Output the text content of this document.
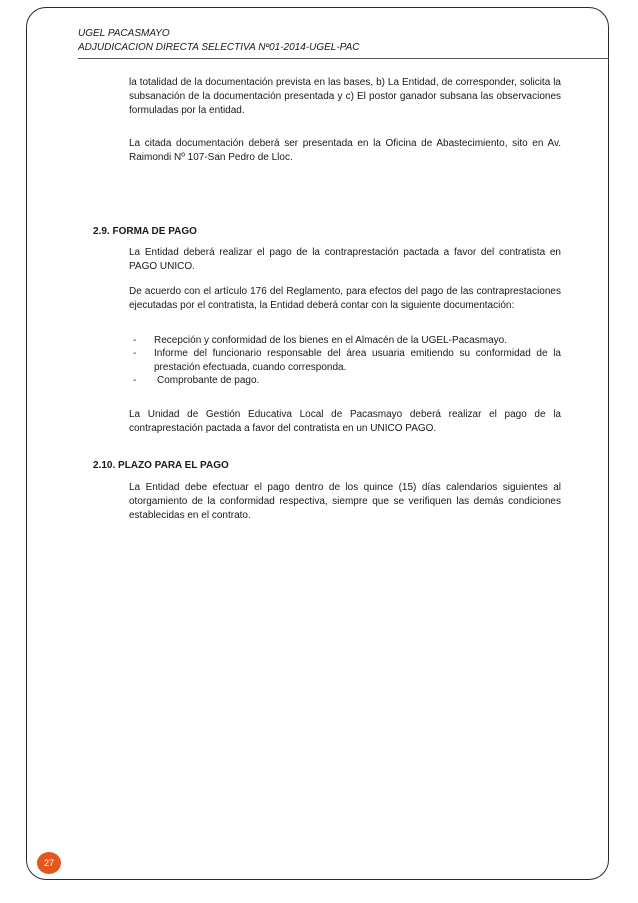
UGEL PACASMAYO
ADJUDICACION DIRECTA SELECTIVA Nº01-2014-UGEL-PAC
la totalidad de la documentación prevista en las bases, b) La Entidad, de corresponder, solicita la subsanación de la documentación presentada y c) El postor ganador subsana las observaciones formuladas por la entidad.
La citada documentación deberá ser presentada en la Oficina de Abastecimiento, sito en Av. Raimondi Nº 107-San Pedro de Lloc.
2.9. FORMA DE PAGO
La Entidad deberá realizar el pago de la contraprestación pactada a favor del contratista en PAGO UNICO.
De acuerdo con el artículo 176 del Reglamento, para efectos del pago de las contraprestaciones ejecutadas por el contratista, la Entidad deberá contar con la siguiente documentación:
- Recepción y conformidad de los bienes en el Almacén de la UGEL-Pacasmayo.
- Informe del funcionario responsable del área usuaria emitiendo su conformidad de la prestación efectuada, cuando corresponda.
- Comprobante de pago.
La Unidad de Gestión Educativa Local de Pacasmayo deberá realizar el pago de la contraprestación pactada a favor del contratista en un UNICO PAGO.
2.10. PLAZO PARA EL PAGO
La Entidad debe efectuar el pago dentro de los quince (15) días calendarios siguientes al otorgamiento de la conformidad respectiva, siempre que se verifiquen las demás condiciones establecidas en el contrato.
27
